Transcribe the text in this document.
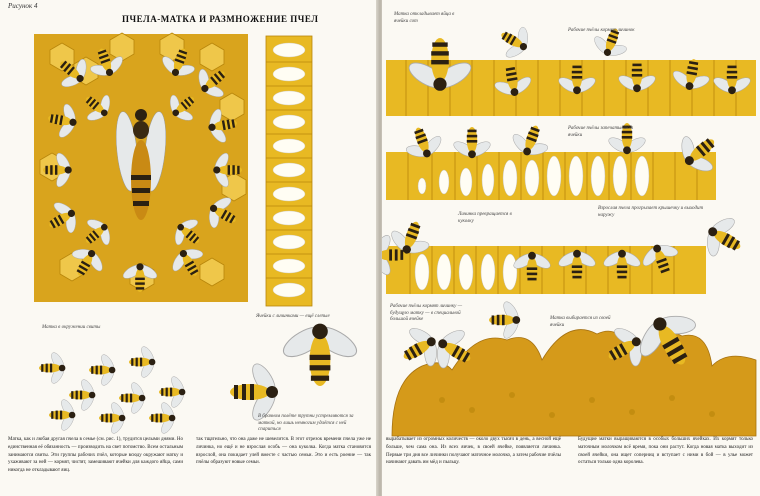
Рисунок 4
ПЧЕЛА-МАТКА И РАЗМНОЖЕНИЕ ПЧЕЛ
Матка в окружении свиты
Ячейки с личинками — ещё слепые
В брачном полёте трутни устремляются за маткой, но лишь немногим удаётся с ней спариться
Матка, как и любая другая пчела в семье (см. рис. 1), трудится целыми днями. Но единственная её обязанность — производить на свет потомство. Всем остальным занимаются свиты. Эти группы рабочих пчёл, которые всюду окружают матку и ухаживают за ней — кормят, чистят, замешивают ячейки для каждого яйца, сами никогда не откладывают яиц.
так тщательно, что она даже не шевелится. В этот отрезок времени пчела уже не личинка, но ещё и не взрослая особь — она куколка. Когда матка становится взрослой, она покидает улей вместе с частью семьи. Это и есть роение — так пчёлы образуют новые семьи.
Матка откладывает яйца в ячейки сот
Рабочие пчёлы кормят личинок
Рабочие пчёлы запечатывают ячейки
Личинка превращается в куколку
Взрослая пчела прогрызает крышечку и выходит наружу
Рабочие пчёлы кормят личинку — будущую матку — в специальной большой ячейке	Матка выбирается из своей ячейки
вырабатывает из огромных количеств — около двух тысяч в день, а весной ещё больше, чем сама она. Из всех яичек, в своей ячейке, появляется личинка. Первые три дня все личинки получают маточное молочко, а затем рабочие пчёлы начинают давать им мёд и пыльцу.
Будущие матки выращиваются в особых больших ячейках. Их кормят только маточным молочком всё время, пока они растут. Когда новая матка выходит из своей ячейки, она ищет соперниц и вступает с ними в бой — в улье может остаться только одна королева.
